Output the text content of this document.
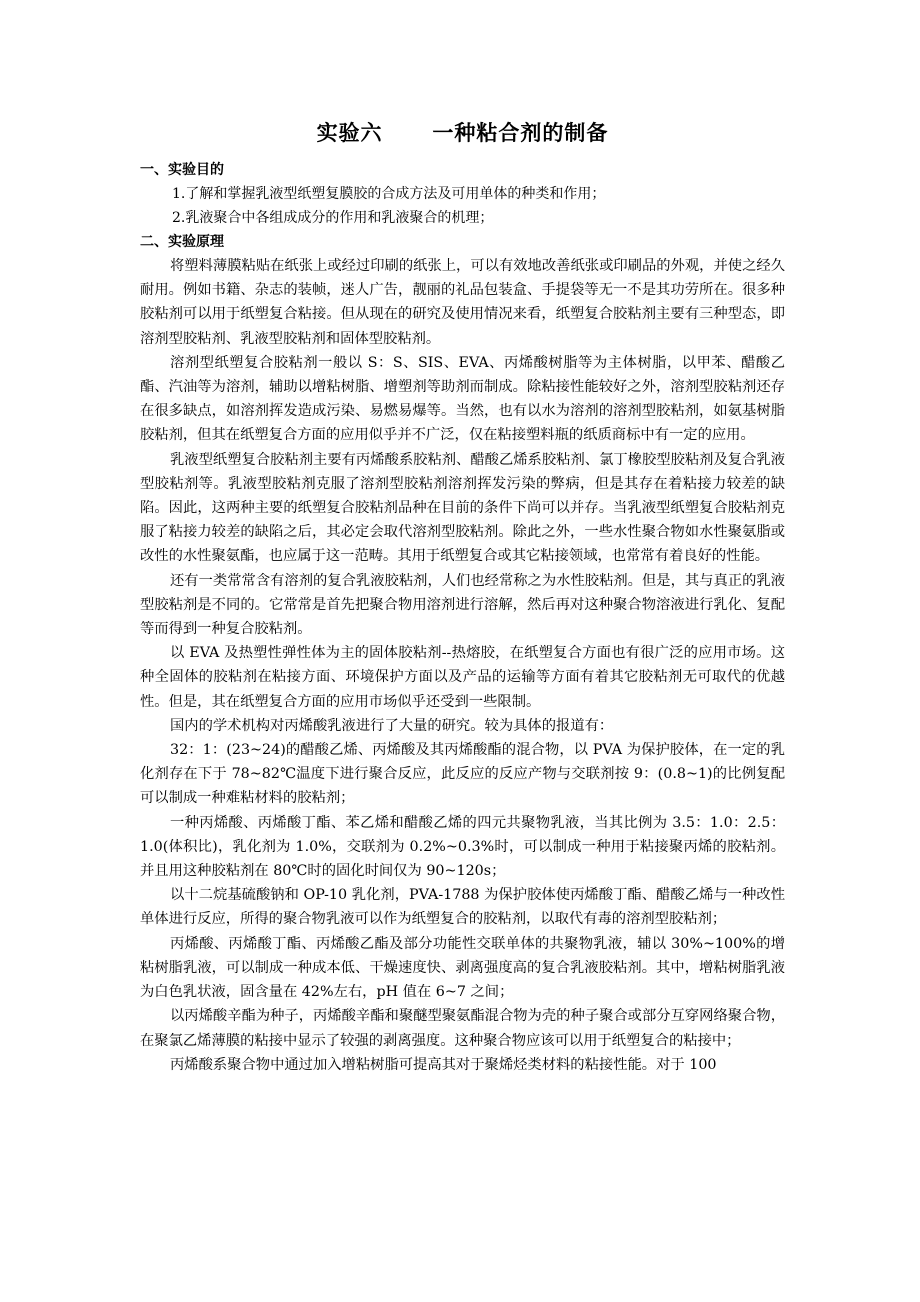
实验六      一种粘合剂的制备
一、实验目的

1.了解和掌握乳液型纸塑复膜胶的合成方法及可用单体的种类和作用；

2.乳液聚合中各组成成分的作用和乳液聚合的机理；

二、实验原理

将塑料薄膜粘贴在纸张上或经过印刷的纸张上，可以有效地改善纸张或印刷品的外观，并使之经久耐用。例如书籍、杂志的装帧，迷人广告，靓丽的礼品包装盒、手提袋等无一不是其功劳所在。很多种胶粘剂可以用于纸塑复合粘接。但从现在的研究及使用情况来看，纸塑复合胶粘剂主要有三种型态，即溶剂型胶粘剂、乳液型胶粘剂和固体型胶粘剂。

溶剂型纸塑复合胶粘剂一般以 S：S、SIS、EVA、丙烯酸树脂等为主体树脂，以甲苯、醋酸乙酯、汽油等为溶剂，辅助以增粘树脂、增塑剂等助剂而制成。除粘接性能较好之外，溶剂型胶粘剂还存在很多缺点，如溶剂挥发造成污染、易燃易爆等。当然，也有以水为溶剂的溶剂型胶粘剂，如氨基树脂胶粘剂，但其在纸塑复合方面的应用似乎并不广泛，仅在粘接塑料瓶的纸质商标中有一定的应用。

乳液型纸塑复合胶粘剂主要有丙烯酸系胶粘剂、醋酸乙烯系胶粘剂、氯丁橡胶型胶粘剂及复合乳液型胶粘剂等。乳液型胶粘剂克服了溶剂型胶粘剂溶剂挥发污染的弊病，但是其存在着粘接力较差的缺陷。因此，这两种主要的纸塑复合胶粘剂品种在目前的条件下尚可以并存。当乳液型纸塑复合胶粘剂克服了粘接力较差的缺陷之后，其必定会取代溶剂型胶粘剂。除此之外，一些水性聚合物如水性聚氨脂或改性的水性聚氨酯，也应属于这一范畴。其用于纸塑复合或其它粘接领域，也常常有着良好的性能。

还有一类常常含有溶剂的复合乳液胶粘剂，人们也经常称之为水性胶粘剂。但是，其与真正的乳液型胶粘剂是不同的。它常常是首先把聚合物用溶剂进行溶解，然后再对这种聚合物溶液进行乳化、复配等而得到一种复合胶粘剂。

以 EVA 及热塑性弹性体为主的固体胶粘剂--热熔胶，在纸塑复合方面也有很广泛的应用市场。这种全固体的胶粘剂在粘接方面、环境保护方面以及产品的运输等方面有着其它胶粘剂无可取代的优越性。但是，其在纸塑复合方面的应用市场似乎还受到一些限制。

国内的学术机构对丙烯酸乳液进行了大量的研究。较为具体的报道有：

32：1：(23~24)的醋酸乙烯、丙烯酸及其丙烯酸酯的混合物，以 PVA 为保护胶体，在一定的乳化剂存在下于 78~82℃温度下进行聚合反应，此反应的反应产物与交联剂按 9：(0.8~1)的比例复配可以制成一种难粘材料的胶粘剂；

一种丙烯酸、丙烯酸丁酯、苯乙烯和醋酸乙烯的四元共聚物乳液，当其比例为 3.5：1.0：2.5：1.0(体积比)，乳化剂为 1.0%，交联剂为 0.2%~0.3%时，可以制成一种用于粘接聚丙烯的胶粘剂。并且用这种胶粘剂在 80℃时的固化时间仅为 90~120s；

以十二烷基硫酸钠和 OP-10 乳化剂，PVA-1788 为保护胶体使丙烯酸丁酯、醋酸乙烯与一种改性单体进行反应，所得的聚合物乳液可以作为纸塑复合的胶粘剂，以取代有毒的溶剂型胶粘剂；

丙烯酸、丙烯酸丁酯、丙烯酸乙酯及部分功能性交联单体的共聚物乳液，辅以 30%~100%的增粘树脂乳液，可以制成一种成本低、干燥速度快、剥离强度高的复合乳液胶粘剂。其中，增粘树脂乳液为白色乳状液，固含量在 42%左右，pH 值在 6~7 之间；

以丙烯酸辛酯为种子，丙烯酸辛酯和聚醚型聚氨酯混合物为壳的种子聚合或部分互穿网络聚合物，在聚氯乙烯薄膜的粘接中显示了较强的剥离强度。这种聚合物应该可以用于纸塑复合的粘接中；

丙烯酸系聚合物中通过加入增粘树脂可提高其对于聚烯烃类材料的粘接性能。对于 100
